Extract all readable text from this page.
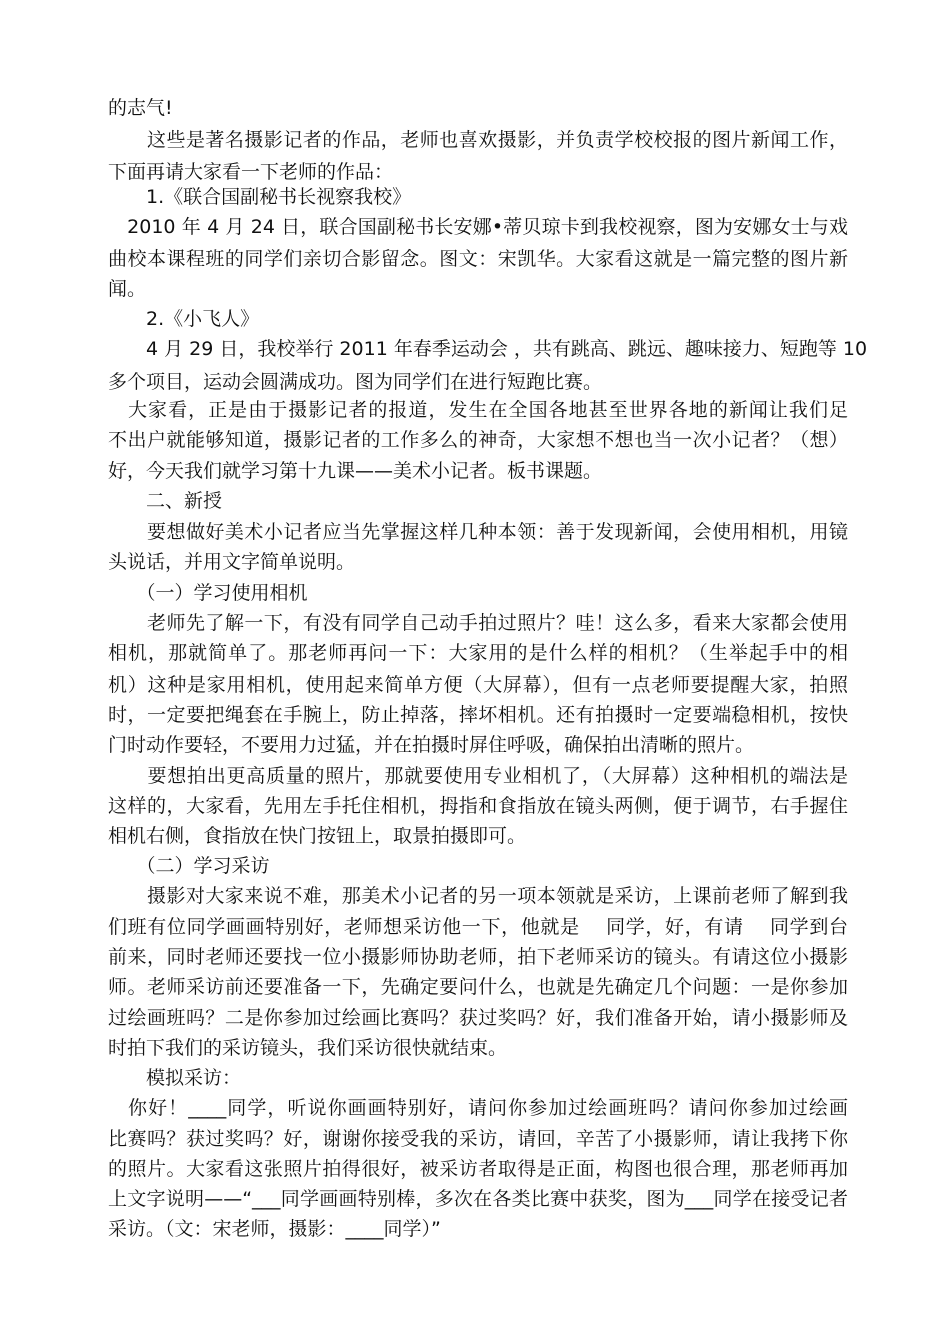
的志气!
　　这些是著名摄影记者的作品，老师也喜欢摄影，并负责学校校报的图片新闻工作，
下面再请大家看一下老师的作品：
　　1.《联合国副秘书长视察我校》
　2010 年 4 月 24 日，联合国副秘书长安娜•蒂贝琼卡到我校视察，图为安娜女士与戏
曲校本课程班的同学们亲切合影留念。图文：宋凯华。大家看这就是一篇完整的图片新
闻。
　　2.《小飞人》
　　4 月 29 日，我校举行 2011 年春季运动会 ，共有跳高、跳远、趣味接力、短跑等 10
多个项目，运动会圆满成功。图为同学们在进行短跑比赛。
　大家看，正是由于摄影记者的报道，发生在全国各地甚至世界各地的新闻让我们足
不出户就能够知道，摄影记者的工作多么的神奇，大家想不想也当一次小记者？（想）
好，今天我们就学习第十九课——美术小记者。板书课题。
　　二、新授
　　要想做好美术小记者应当先掌握这样几种本领：善于发现新闻，会使用相机，用镜
头说话，并用文字简单说明。
　　（一）学习使用相机
　　老师先了解一下，有没有同学自己动手拍过照片？哇！这么多，看来大家都会使用
相机，那就简单了。那老师再问一下：大家用的是什么样的相机？（生举起手中的相
机）这种是家用相机，使用起来简单方便（大屏幕），但有一点老师要提醒大家，拍照
时，一定要把绳套在手腕上，防止掉落，摔坏相机。还有拍摄时一定要端稳相机，按快
门时动作要轻，不要用力过猛，并在拍摄时屏住呼吸，确保拍出清晰的照片。
　　要想拍出更高质量的照片，那就要使用专业相机了，（大屏幕）这种相机的端法是
这样的，大家看，先用左手托住相机，拇指和食指放在镜头两侧，便于调节，右手握住
相机右侧，食指放在快门按钮上，取景拍摄即可。
　　（二）学习采访
　　摄影对大家来说不难，那美术小记者的另一项本领就是采访，上课前老师了解到我
们班有位同学画画特别好，老师想采访他一下，他就是　 同学，好，有请　 同学到台
前来，同时老师还要找一位小摄影师协助老师，拍下老师采访的镜头。有请这位小摄影
师。老师采访前还要准备一下，先确定要问什么，也就是先确定几个问题：一是你参加
过绘画班吗？二是你参加过绘画比赛吗？获过奖吗？好，我们准备开始，请小摄影师及
时拍下我们的采访镜头，我们采访很快就结束。
　　模拟采访：
　你好！____同学，听说你画画特别好，请问你参加过绘画班吗？请问你参加过绘画
比赛吗？获过奖吗？好，谢谢你接受我的采访，请回，辛苦了小摄影师，请让我拷下你
的照片。大家看这张照片拍得很好，被采访者取得是正面，构图也很合理，那老师再加
上文字说明——“___同学画画特别棒，多次在各类比赛中获奖，图为___同学在接受记者
采访。（文：宋老师，摄影：____同学）”
